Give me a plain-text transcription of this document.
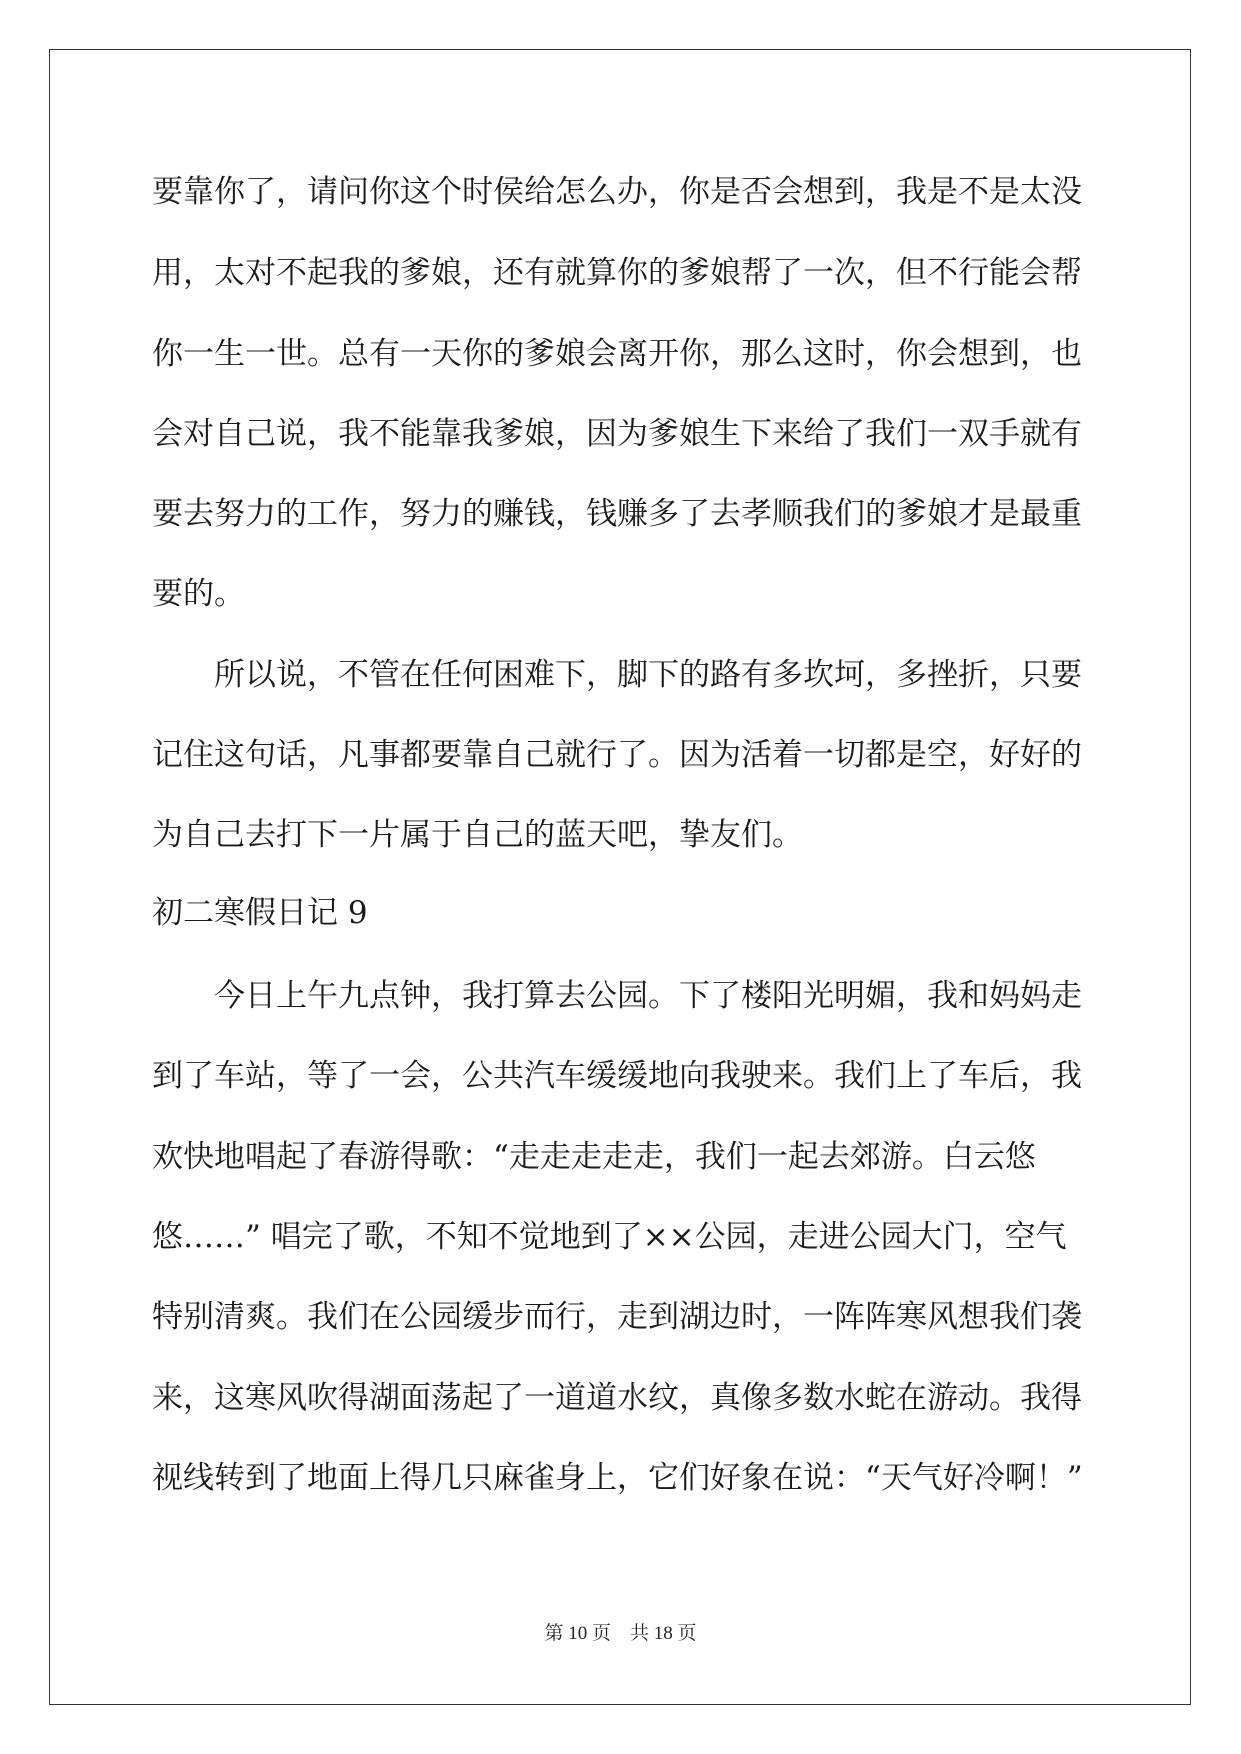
要靠你了，请问你这个时侯给怎么办，你是否会想到，我是不是太没
用，太对不起我的爹娘，还有就算你的爹娘帮了一次，但不行能会帮
你一生一世。总有一天你的爹娘会离开你，那么这时，你会想到，也
会对自己说，我不能靠我爹娘，因为爹娘生下来给了我们一双手就有
要去努力的工作，努力的赚钱，钱赚多了去孝顺我们的爹娘才是最重
要的。
　　所以说，不管在任何困难下，脚下的路有多坎坷，多挫折，只要
记住这句话，凡事都要靠自己就行了。因为活着一切都是空，好好的
为自己去打下一片属于自己的蓝天吧，挚友们。
初二寒假日记 9
　　今日上午九点钟，我打算去公园。下了楼阳光明媚，我和妈妈走
到了车站，等了一会，公共汽车缓缓地向我驶来。我们上了车后，我
欢快地唱起了春游得歌：“走走走走走，我们一起去郊游。白云悠
悠……” 唱完了歌，不知不觉地到了××公园，走进公园大门，空气
特别清爽。我们在公园缓步而行，走到湖边时，一阵阵寒风想我们袭
来，这寒风吹得湖面荡起了一道道水纹，真像多数水蛇在游动。我得
视线转到了地面上得几只麻雀身上，它们好象在说：“天气好冷啊！”
第 10 页　共 18 页
